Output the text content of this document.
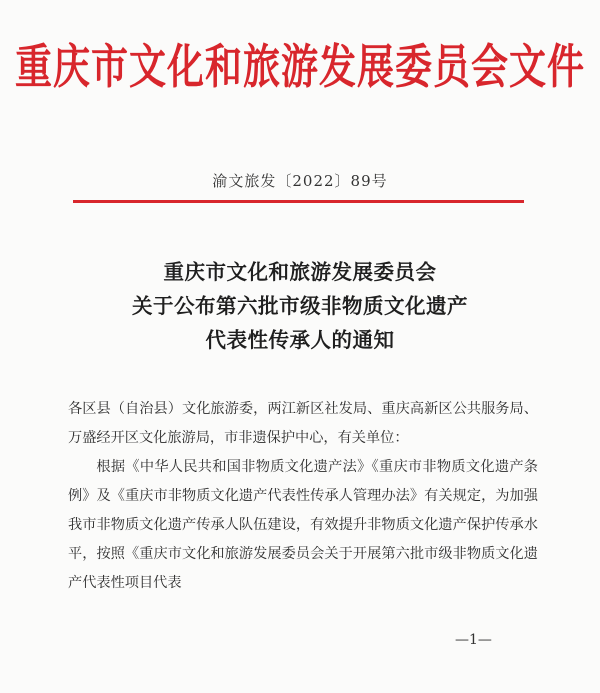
重庆市文化和旅游发展委员会文件
渝文旅发〔2022〕89号
重庆市文化和旅游发展委员会
关于公布第六批市级非物质文化遗产
代表性传承人的通知

各区县（自治县）文化旅游委，两江新区社发局、重庆高新区公共服务局、万盛经开区文化旅游局，市非遗保护中心，有关单位：

根据《中华人民共和国非物质文化遗产法》《重庆市非物质文化遗产条例》及《重庆市非物质文化遗产代表性传承人管理办法》有关规定，为加强我市非物质文化遗产传承人队伍建设，有效提升非物质文化遗产保护传承水平，按照《重庆市文化和旅游发展委员会关于开展第六批市级非物质文化遗产代表性项目代表

—1—
